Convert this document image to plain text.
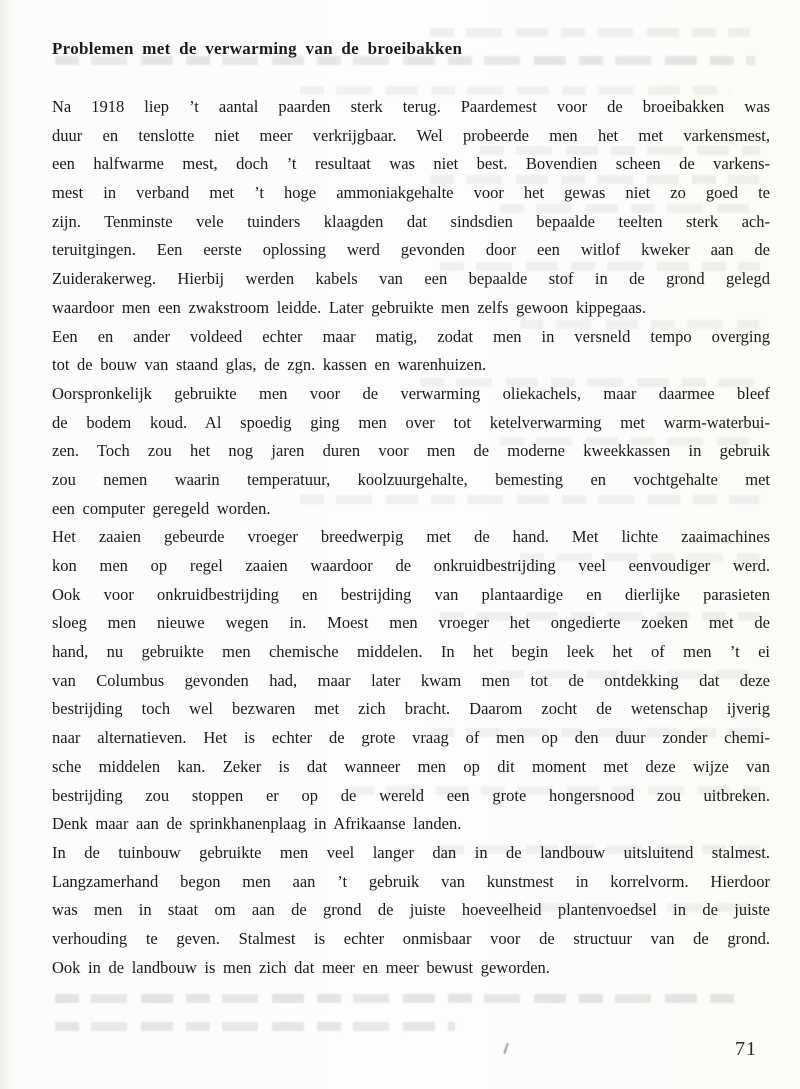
Problemen met de verwarming van de broeibakken
Na 1918 liep ’t aantal paarden sterk terug. Paardemest voor de broeibakken was
duur en tenslotte niet meer verkrijgbaar. Wel probeerde men het met varkensmest,
een halfwarme mest, doch ’t resultaat was niet best. Bovendien scheen de varkens-
mest in verband met ’t hoge ammoniakgehalte voor het gewas niet zo goed te
zijn. Tenminste vele tuinders klaagden dat sindsdien bepaalde teelten sterk ach-
teruitgingen. Een eerste oplossing werd gevonden door een witlof kweker aan de
Zuiderakerweg. Hierbij werden kabels van een bepaalde stof in de grond gelegd
waardoor men een zwakstroom leidde. Later gebruikte men zelfs gewoon kippegaas.
Een en ander voldeed echter maar matig, zodat men in versneld tempo overging
tot de bouw van staand glas, de zgn. kassen en warenhuizen.
Oorspronkelijk gebruikte men voor de verwarming oliekachels, maar daarmee bleef
de bodem koud. Al spoedig ging men over tot ketelverwarming met warm-waterbui-
zen. Toch zou het nog jaren duren voor men de moderne kweekkassen in gebruik
zou nemen waarin temperatuur, koolzuurgehalte, bemesting en vochtgehalte met
een computer geregeld worden.
Het zaaien gebeurde vroeger breedwerpig met de hand. Met lichte zaaimachines
kon men op regel zaaien waardoor de onkruidbestrijding veel eenvoudiger werd.
Ook voor onkruidbestrijding en bestrijding van plantaardige en dierlijke parasieten
sloeg men nieuwe wegen in. Moest men vroeger het ongedierte zoeken met de
hand, nu gebruikte men chemische middelen. In het begin leek het of men ’t ei
van Columbus gevonden had, maar later kwam men tot de ontdekking dat deze
bestrijding toch wel bezwaren met zich bracht. Daarom zocht de wetenschap ijverig
naar alternatieven. Het is echter de grote vraag of men op den duur zonder chemi-
sche middelen kan. Zeker is dat wanneer men op dit moment met deze wijze van
bestrijding zou stoppen er op de wereld een grote hongersnood zou uitbreken.
Denk maar aan de sprinkhanenplaag in Afrikaanse landen.
In de tuinbouw gebruikte men veel langer dan in de landbouw uitsluitend stalmest.
Langzamerhand begon men aan ’t gebruik van kunstmest in korrelvorm. Hierdoor
was men in staat om aan de grond de juiste hoeveelheid plantenvoedsel in de juiste
verhouding te geven. Stalmest is echter onmisbaar voor de structuur van de grond.
Ook in de landbouw is men zich dat meer en meer bewust geworden.
71
